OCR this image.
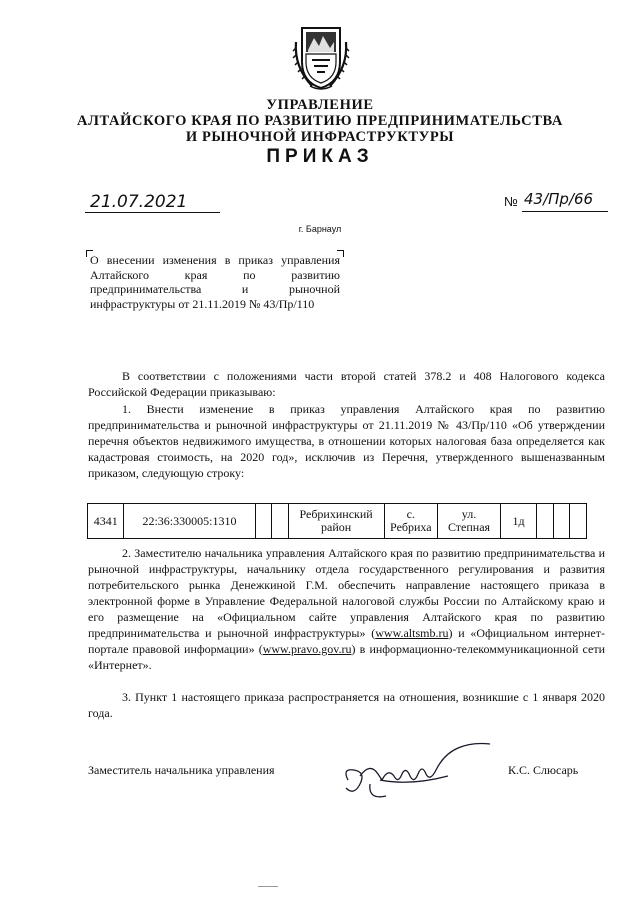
УПРАВЛЕНИЕ
АЛТАЙСКОГО КРАЯ ПО РАЗВИТИЮ ПРЕДПРИНИМАТЕЛЬСТВА
И РЫНОЧНОЙ ИНФРАСТРУКТУРЫ
ПРИКАЗ
21.07.2021	№ 43/Пр/66
г. Барнаул

О внесении изменения в приказ управления Алтайского края по развитию предпринимательства и рыночной инфраструктуры от 21.11.2019 № 43/Пр/110

В соответствии с положениями части второй статей 378.2 и 408 Налогового кодекса Российской Федерации приказываю:

1. Внести изменение в приказ управления Алтайского края по развитию предпринимательства и рыночной инфраструктуры от 21.11.2019 № 43/Пр/110 «Об утверждении перечня объектов недвижимого имущества, в отношении которых налоговая база определяется как кадастровая стоимость, на 2020 год», исключив из Перечня, утвержденного вышеназванным приказом, следующую строку:

4341	22:36:330005:1310			Ребрихинский район	с. Ребриха	ул. Степная	1д			

2. Заместителю начальника управления Алтайского края по развитию предпринимательства и рыночной инфраструктуры, начальнику отдела государственного регулирования и развития потребительского рынка Денежкиной Г.М. обеспечить направление настоящего приказа в электронной форме в Управление Федеральной налоговой службы России по Алтайскому краю и его размещение на «Официальном сайте управления Алтайского края по развитию предпринимательства и рыночной инфраструктуры» (www.altsmb.ru) и «Официальном интернет-портале правовой информации» (www.pravo.gov.ru) в информационно-телекоммуникационной сети «Интернет».

3. Пункт 1 настоящего приказа распространяется на отношения, возникшие с 1 января 2020 года.

Заместитель начальника управления	К.С. Слюсарь
